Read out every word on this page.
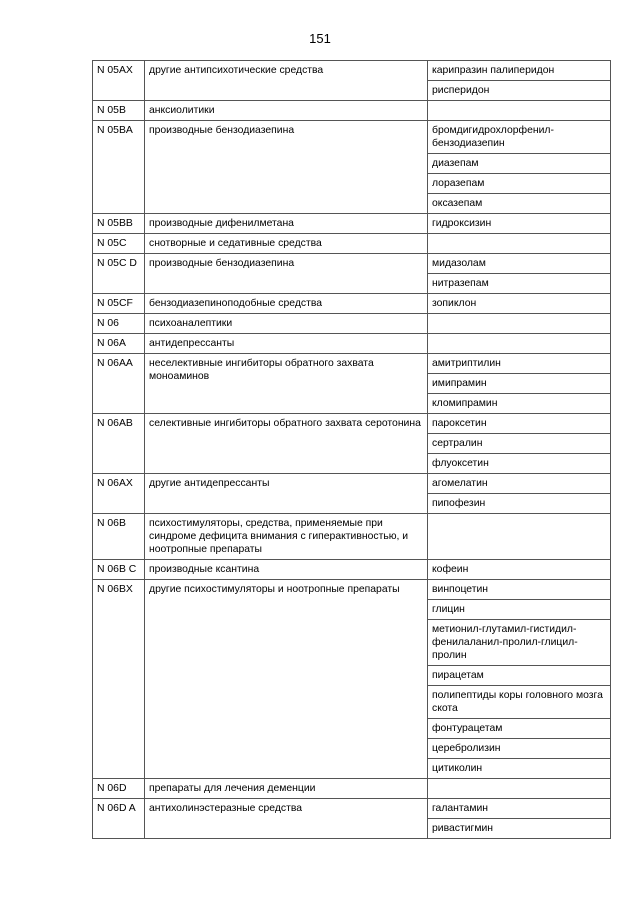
151
N 05AX	другие антипсихотические средства	карипразин палиперидон
		рисперидон
N 05B	анксиолитики	
N 05BA	производные бензодиазепина	бромдигидрохлорфенил-бензодиазепин
		диазепам
		лоразепам
		оксазепам
N 05BB	производные дифенилметана	гидроксизин
N 05C	снотворные и седативные средства	
N 05C D	производные бензодиазепина	мидазолам
		нитразепам
N 05CF	бензодиазепиноподобные средства	зопиклон
N 06	психоаналептики	
N 06A	антидепрессанты	
N 06AA	неселективные ингибиторы обратного захвата моноаминов	амитриптилин
		имипрамин
		кломипрамин
N 06AB	селективные ингибиторы обратного захвата серотонина	пароксетин
		сертралин
		флуоксетин
N 06AX	другие антидепрессанты	агомелатин
		пипофезин
N 06B	психостимуляторы, средства, применяемые при синдроме дефицита внимания с гиперактивностью, и ноотропные препараты	
N 06B C	производные ксантина	кофеин
N 06BX	другие психостимуляторы и ноотропные препараты	винпоцетин
		глицин
		метионил-глутамил-гистидил-фенилаланил-пролил-глицил-пролин
		пирацетам
		полипептиды коры головного мозга скота
		фонтурацетам
		церебролизин
		цитиколин
N 06D	препараты для лечения деменции	
N 06D A	антихолинэстеразные средства	галантамин
		ривастигмин
